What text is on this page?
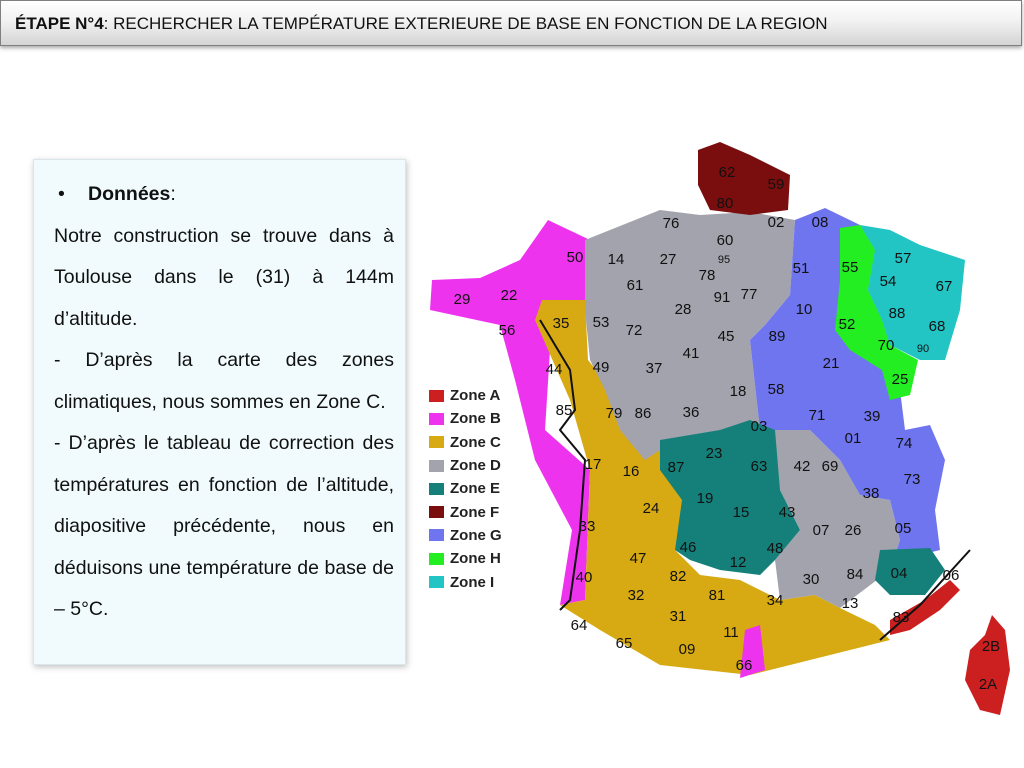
ÉTAPE N°4: RECHERCHER LA TEMPÉRATURE EXTERIEURE DE BASE EN FONCTION DE LA REGION

• Données:

Notre construction se trouve dans à Toulouse dans le (31) à 144m d’altitude.

- D’après la carte des zones climatiques, nous sommes en Zone C.

- D’après le tableau de correction des températures en fonction de l’altitude, diapositive précédente, nous en déduisons une température de base de – 5°C.

62
59
80
76	02 08
60
95
14 27
78
50
61
91 77
51 55
57
54	67
29 22
56 35 53 72
28	10
52
88
68
70 90
45 89
21
25
44 49 37
41
18 58
85 79 86 36	71	39
03
01 74
23
63
87
17 16	42 69
38
73
24
19
15 43
07 26 05
33
47
46
12
48
40	82	30 84 04 06
32	81	34	13
83
64
31
11
65	09
66
2B
2A
Zone A
Zone B
Zone C
Zone D
Zone E
Zone F
Zone G
Zone H
Zone I
